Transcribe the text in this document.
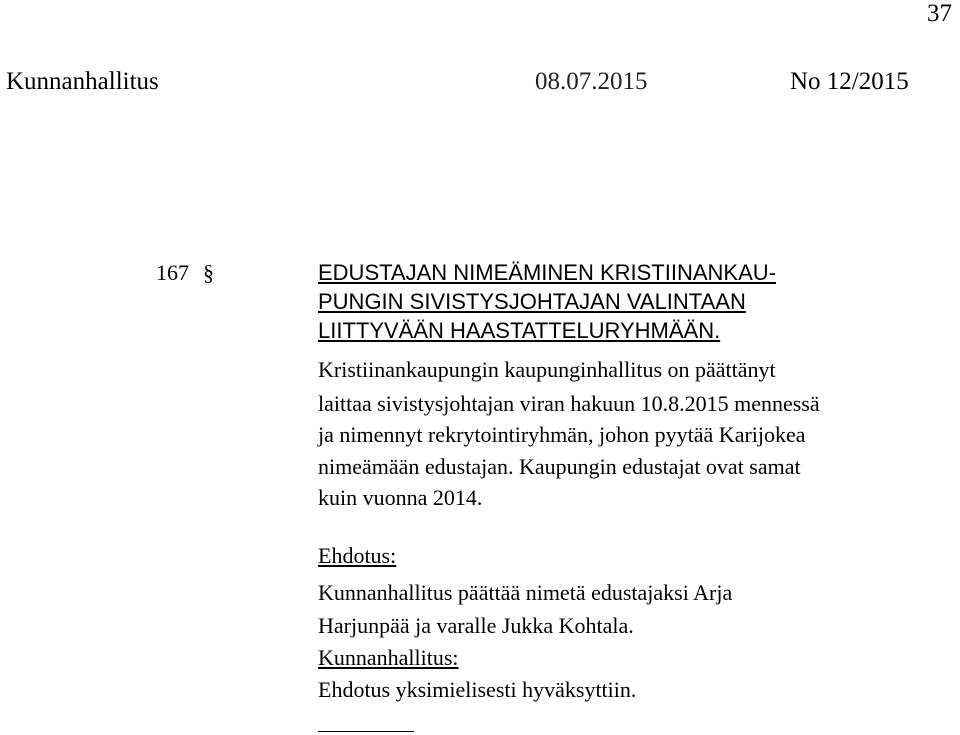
37
Kunnanhallitus	08.07.2015	No 12/2015
167 §	EDUSTAJAN NIMEÄMINEN KRISTIINANKAU-
PUNGIN SIVISTYSJOHTAJAN VALINTAAN
LIITTYVÄÄN HAASTATTELURYHMÄÄN.
Kristiinankaupungin kaupunginhallitus on päättänyt
laittaa sivistysjohtajan viran hakuun 10.8.2015 mennessä
ja nimennyt rekrytointiryhmän, johon pyytää Karijokea
nimeämään edustajan. Kaupungin edustajat ovat samat
kuin vuonna 2014.
Ehdotus:
Kunnanhallitus päättää nimetä edustajaksi Arja
Harjunpää ja varalle Jukka Kohtala.
Kunnanhallitus:
Ehdotus yksimielisesti hyväksyttiin.
